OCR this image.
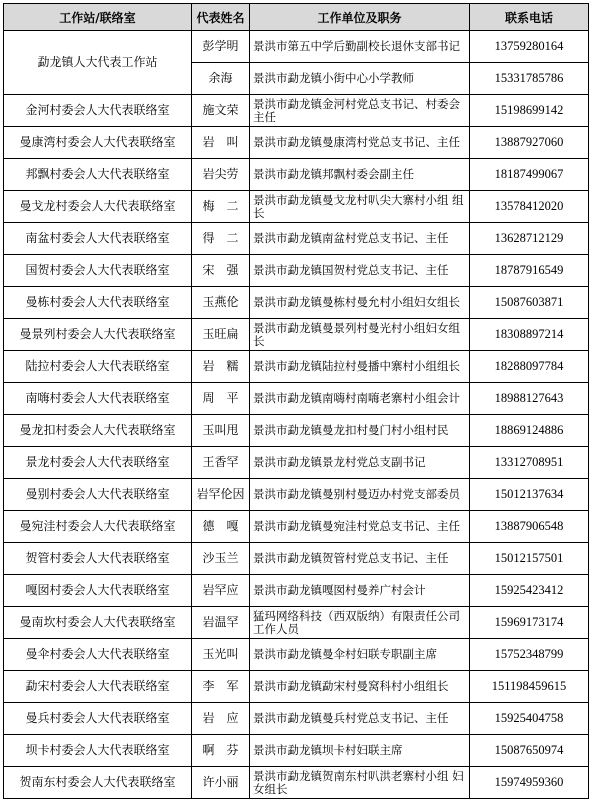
工作站/联络室	代表姓名	工作单位及职务	联系电话
勐龙镇人大代表工作站	彭学明	景洪市第五中学后勤副校长退休支部书记	13759280164
	余海	景洪市勐龙镇小街中心小学教师	15331785786
金河村委会人大代表联络室	施文荣	景洪市勐龙镇金河村党总支书记、村委会主任	15198699142
曼康湾村委会人大代表联络室	岩　叫	景洪市勐龙镇曼康湾村党总支书记、主任	13887927060
邦飘村委会人大代表联络室	岩尖劳	景洪市勐龙镇邦飘村委会副主任	18187499067
曼戈龙村委会人大代表联络室	梅　二	景洪市勐龙镇曼戈龙村叭尖大寨村小组 组长	13578412020
南盆村委会人大代表联络室	得　二	景洪市勐龙镇南盆村党总支书记、主任	13628712129
国贺村委会人大代表联络室	宋　强	景洪市勐龙镇国贺村党总支书记、主任	18787916549
曼栋村委会人大代表联络室	玉燕伦	景洪市勐龙镇曼栋村曼允村小组妇女组长	15087603871
曼景列村委会人大代表联络室	玉旺扁	景洪市勐龙镇曼景列村曼光村小组妇女组长	18308897214
陆拉村委会人大代表联络室	岩　糯	景洪市勐龙镇陆拉村曼播中寨村小组组长	18288097784
南嗨村委会人大代表联络室	周　平	景洪市勐龙镇南嗨村南嗨老寨村小组会计	18988127643
曼龙扣村委会人大代表联络室	玉叫甩	景洪市勐龙镇曼龙扣村曼门村小组村民	18869124886
景龙村委会人大代表联络室	王香罕	景洪市勐龙镇景龙村党总支副书记	13312708951
曼别村委会人大代表联络室	岩罕伦因	景洪市勐龙镇曼别村曼迈办村党支部委员	15012137634
曼宛洼村委会人大代表联络室	德　嘎	景洪市勐龙镇曼宛洼村党总支书记、主任	13887906548
贺管村委会人大代表联络室	沙玉兰	景洪市勐龙镇贺管村党总支书记、主任	15012157501
嘎囡村委会人大代表联络室	岩罕应	景洪市勐龙镇嘎囡村曼养广村会计	15925423412
曼南坎村委会人大代表联络室	岩温罕	猛玛网络科技（西双版纳）有限责任公司 工作人员	15969173174
曼伞村委会人大代表联络室	玉光叫	景洪市勐龙镇曼伞村妇联专职副主席	15752348799
勐宋村委会人大代表联络室	李　军	景洪市勐龙镇勐宋村曼窝科村小组组长	151198459615
曼兵村委会人大代表联络室	岩　应	景洪市勐龙镇曼兵村党总支书记、主任	15925404758
坝卡村委会人大代表联络室	啊　芬	景洪市勐龙镇坝卡村妇联主席	15087650974
贺南东村委会人大代表联络室	许小丽	景洪市勐龙镇贺南东村叭洪老寨村小组 妇女组长	15974959360
